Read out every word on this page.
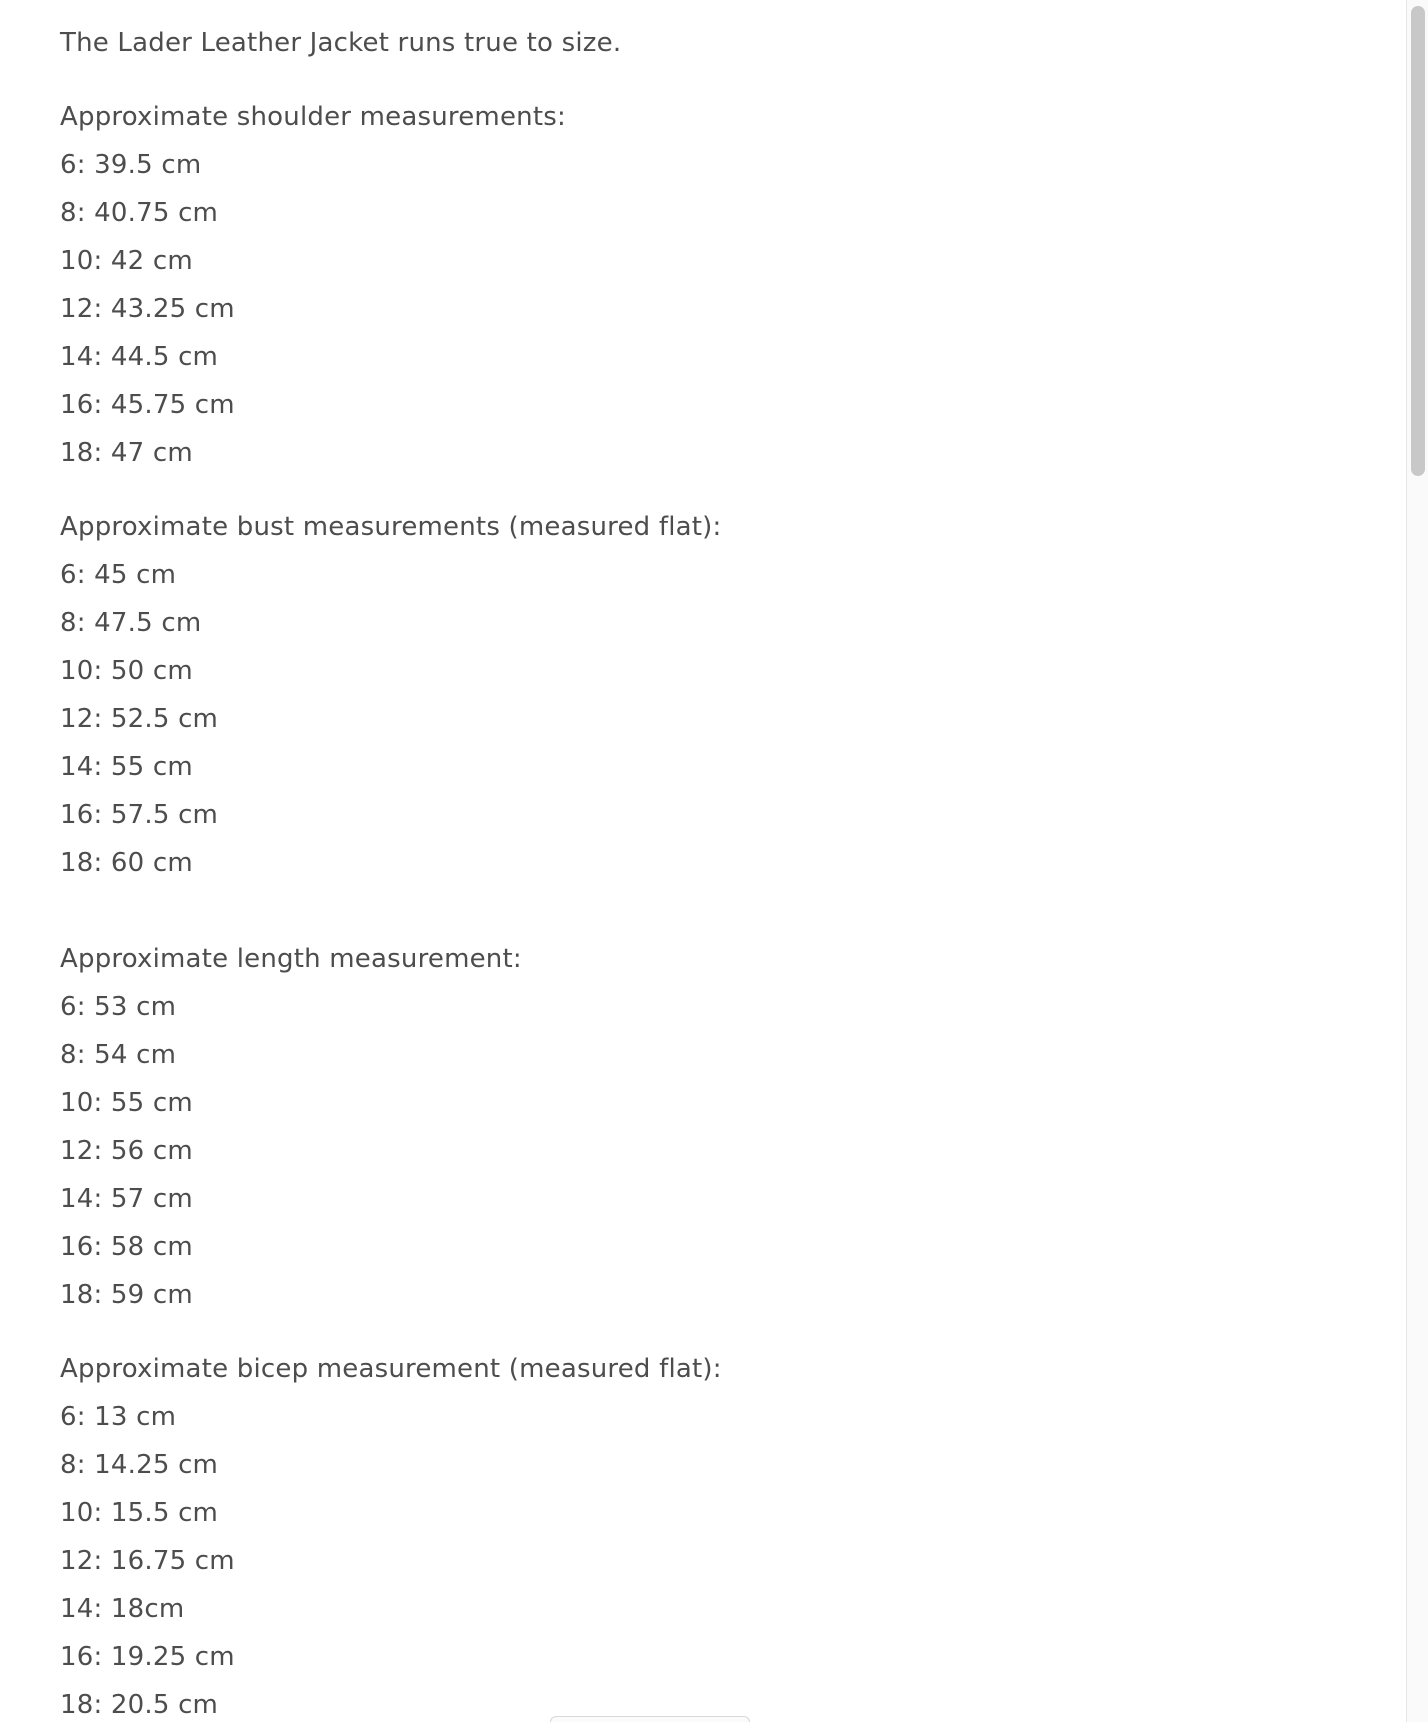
The Lader Leather Jacket runs true to size.
Approximate shoulder measurements:
6: 39.5 cm
8: 40.75 cm
10: 42 cm
12: 43.25 cm
14: 44.5 cm
16: 45.75 cm
18: 47 cm
Approximate bust measurements (measured flat):
6: 45 cm
8: 47.5 cm
10: 50 cm
12: 52.5 cm
14: 55 cm
16: 57.5 cm
18: 60 cm
Approximate length measurement:
6: 53 cm
8: 54 cm
10: 55 cm
12: 56 cm
14: 57 cm
16: 58 cm
18: 59 cm
Approximate bicep measurement (measured flat):
6: 13 cm
8: 14.25 cm
10: 15.5 cm
12: 16.75 cm
14: 18cm
16: 19.25 cm
18: 20.5 cm
